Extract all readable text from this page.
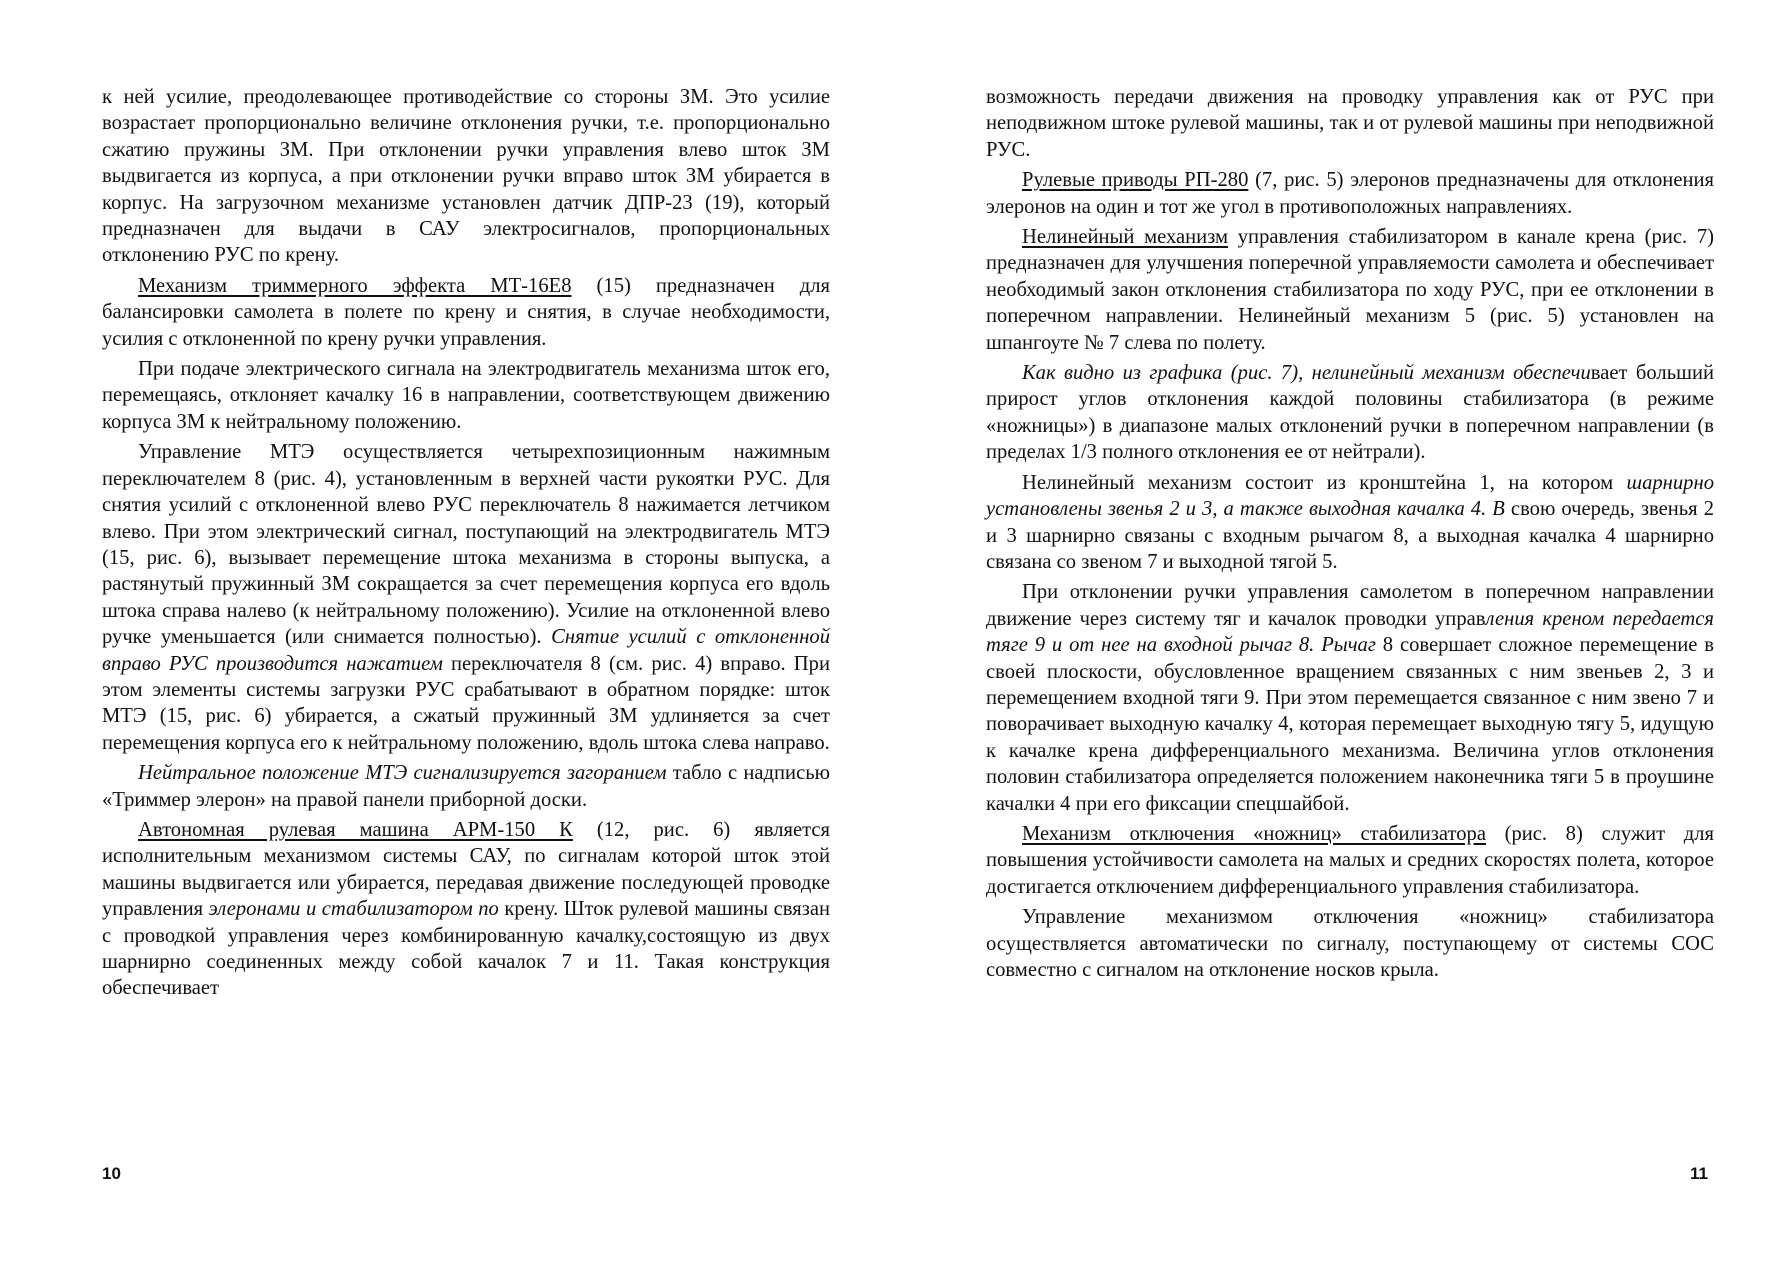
к ней усилие, преодолевающее противодействие со стороны ЗМ. Это усилие возрастает пропорционально величине отклонения ручки, т.е. пропорционально сжатию пружины ЗМ. При отклонении ручки управления влево шток ЗМ выдвигается из корпуса, а при отклонении ручки вправо шток ЗМ убирается в корпус. На загрузочном механизме установлен датчик ДПР-23 (19), который предназначен для выдачи в САУ электросигналов, пропорциональных отклонению РУС по крену.

Механизм триммерного эффекта МТ-16Е8 (15) предназначен для балансировки самолета в полете по крену и снятия, в случае необходимости, усилия с отклоненной по крену ручки управления.

При подаче электрического сигнала на электродвигатель механизма шток его, перемещаясь, отклоняет качалку 16 в направлении, соответствующем движению корпуса ЗМ к нейтральному положению.

Управление МТЭ осуществляется четырехпозиционным нажимным переключателем 8 (рис. 4), установленным в верхней части рукоятки РУС. Для снятия усилий с отклоненной влево РУС переключатель 8 нажимается летчиком влево. При этом электрический сигнал, поступающий на электродвигатель МТЭ (15, рис. 6), вызывает перемещение штока механизма в стороны выпуска, а растянутый пружинный ЗМ сокращается за счет перемещения корпуса его вдоль штока справа налево (к нейтральному положению). Усилие на отклоненной влево ручке уменьшается (или снимается полностью). Снятие усилий с отклоненной вправо РУС производится нажатием переключателя 8 (см. рис. 4) вправо. При этом элементы системы загрузки РУС срабатывают в обратном порядке: шток МТЭ (15, рис. 6) убирается, а сжатый пружинный ЗМ удлиняется за счет перемещения корпуса его к нейтральному положению, вдоль штока слева направо.

Нейтральное положение МТЭ сигнализируется загоранием табло с надписью «Триммер элерон» на правой панели приборной доски.

Автономная рулевая машина АРМ-150 К (12, рис. 6) является исполнительным механизмом системы САУ, по сигналам которой шток этой машины выдвигается или убирается, передавая движение последующей проводке управления элеронами и стабилизатором по крену. Шток рулевой машины связан с проводкой управления через комбинированную качалку,состоящую из двух шарнирно соединенных между собой качалок 7 и 11. Такая конструкция обеспечивает

10

возможность передачи движения на проводку управления как от РУС при неподвижном штоке рулевой машины, так и от рулевой машины при неподвижной РУС.

Рулевые приводы РП-280 (7, рис. 5) элеронов предназначены для отклонения элеронов на один и тот же угол в противоположных направлениях.

Нелинейный механизм управления стабилизатором в канале крена (рис. 7) предназначен для улучшения поперечной управляемости самолета и обеспечивает необходимый закон отклонения стабилизатора по ходу РУС, при ее отклонении в поперечном направлении. Нелинейный механизм 5 (рис. 5) установлен на шпангоуте № 7 слева по полету.

Как видно из графика (рис. 7), нелинейный механизм обеспечивает больший прирост углов отклонения каждой половины стабилизатора (в режиме «ножницы») в диапазоне малых отклонений ручки в поперечном направлении (в пределах 1/3 полного отклонения ее от нейтрали).

Нелинейный механизм состоит из кронштейна 1, на котором шарнирно установлены звенья 2 и 3, а также выходная качалка 4. В свою очередь, звенья 2 и 3 шарнирно связаны с входным рычагом 8, а выходная качалка 4 шарнирно связана со звеном 7 и выходной тягой 5.

При отклонении ручки управления самолетом в поперечном направлении движение через систему тяг и качалок проводки управления креном передается тяге 9 и от нее на входной рычаг 8. Рычаг 8 совершает сложное перемещение в своей плоскости, обусловленное вращением связанных с ним звеньев 2, 3 и перемещением входной тяги 9. При этом перемещается связанное с ним звено 7 и поворачивает выходную качалку 4, которая перемещает выходную тягу 5, идущую к качалке крена дифференциального механизма. Величина углов отклонения половин стабилизатора определяется положением наконечника тяги 5 в проушине качалки 4 при его фиксации спецшайбой.

Механизм отключения «ножниц» стабилизатора (рис. 8) служит для повышения устойчивости самолета на малых и средних скоростях полета, которое достигается отключением дифференциального управления стабилизатора.

Управление механизмом отключения «ножниц» стабилизатора осуществляется автоматически по сигналу, поступающему от системы СОС совместно с сигналом на отклонение носков крыла.

11
